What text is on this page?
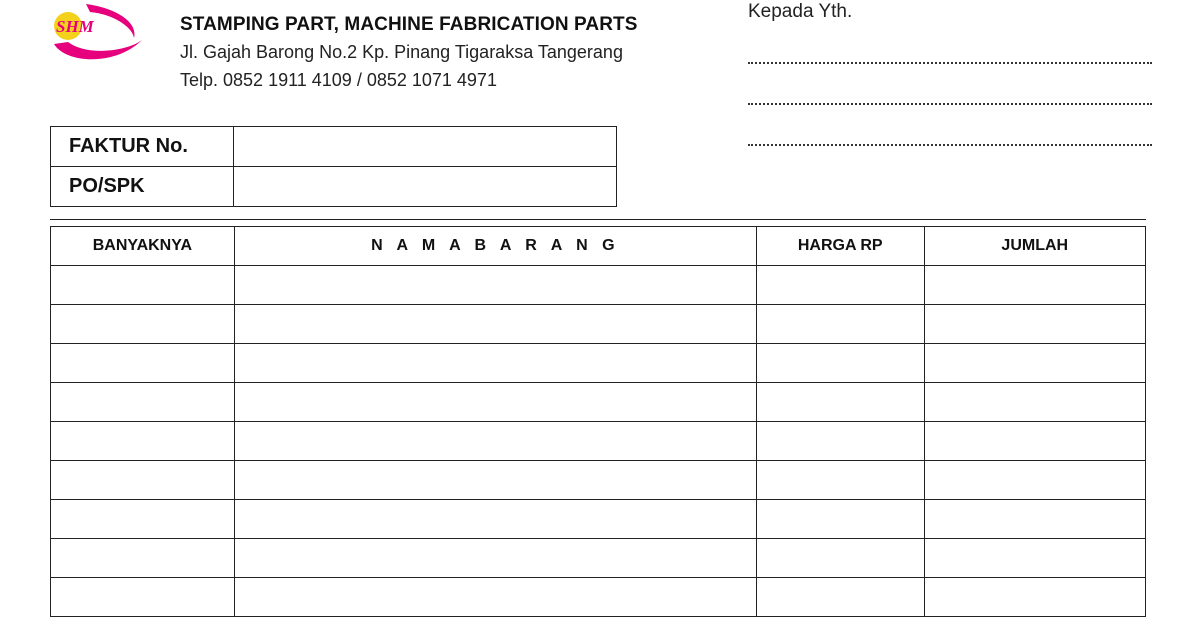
SHM	STAMPING PART, MACHINE FABRICATION PARTS

Jl. Gajah Barong No.2 Kp. Pinang Tigaraksa Tangerang

Telp. 0852 1911 4109 / 0852 1071 4971

Kepada Yth.
FAKTUR No.	
PO/SPK	
BANYAKNYA	N A M A B A R A N G	HARGA RP	JUMLAH
